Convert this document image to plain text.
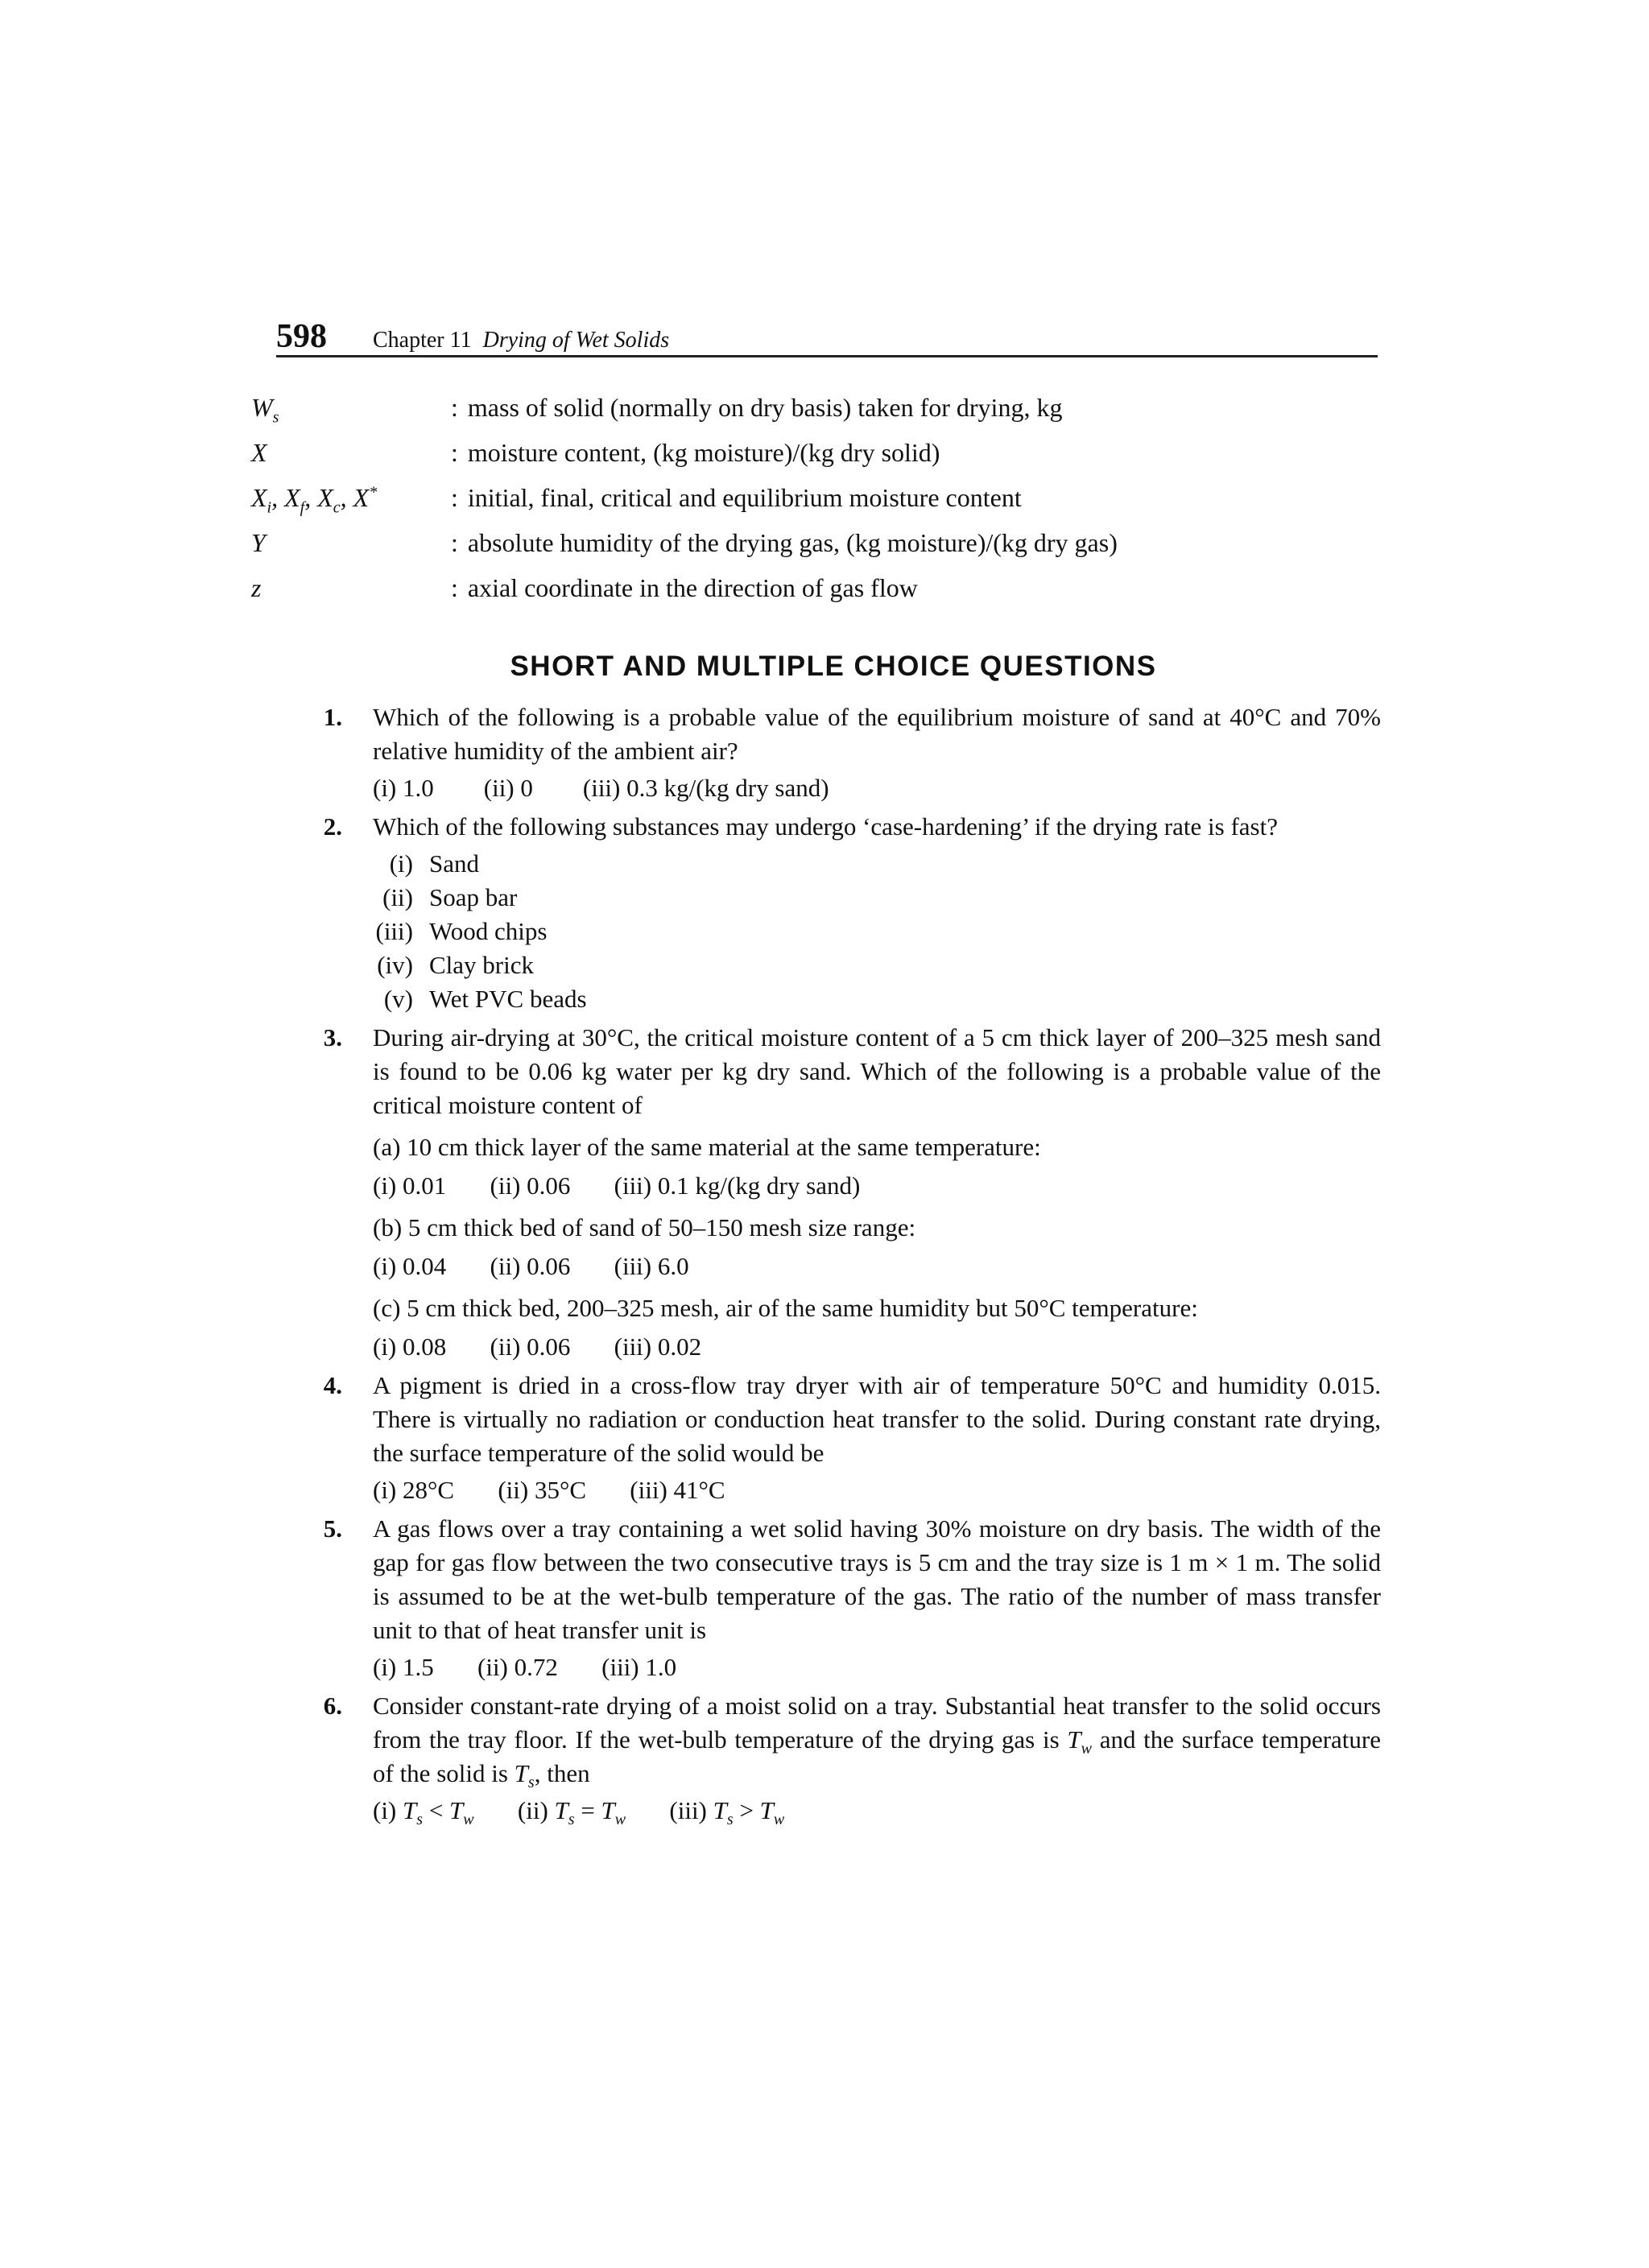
598 Chapter 11 Drying of Wet Solids
$W_s$	: mass of solid (normally on dry basis) taken for drying, kg
X	: moisture content, (kg moisture)/(kg dry solid)
$X_i$, $X_f$, $X_c$, X*	: initial, final, critical and equilibrium moisture content
Y	: absolute humidity of the drying gas, (kg moisture)/(kg dry gas)
z	: axial coordinate in the direction of gas flow
SHORT AND MULTIPLE CHOICE QUESTIONS
1. Which of the following is a probable value of the equilibrium moisture of sand at 40°C and 70% relative humidity of the ambient air?
(i) 1.0        (ii) 0        (iii) 0.3 kg/(kg dry sand)
2. Which of the following substances may undergo ‘case-hardening’ if the drying rate is fast?
(i) Sand
(ii) Soap bar
(iii) Wood chips
(iv) Clay brick
(v) Wet PVC beads
3. During air-drying at 30°C, the critical moisture content of a 5 cm thick layer of 200–325 mesh sand is found to be 0.06 kg water per kg dry sand. Which of the following is a probable value of the critical moisture content of
(a) 10 cm thick layer of the same material at the same temperature:
(i) 0.01       (ii) 0.06       (iii) 0.1 kg/(kg dry sand)
(b) 5 cm thick bed of sand of 50–150 mesh size range:
(i) 0.04       (ii) 0.06       (iii) 6.0
(c) 5 cm thick bed, 200–325 mesh, air of the same humidity but 50°C temperature:
(i) 0.08       (ii) 0.06       (iii) 0.02
4. A pigment is dried in a cross-flow tray dryer with air of temperature 50°C and humidity 0.015. There is virtually no radiation or conduction heat transfer to the solid. During constant rate drying, the surface temperature of the solid would be
(i) 28°C       (ii) 35°C       (iii) 41°C
5. A gas flows over a tray containing a wet solid having 30% moisture on dry basis. The width of the gap for gas flow between the two consecutive trays is 5 cm and the tray size is 1 m × 1 m. The solid is assumed to be at the wet-bulb temperature of the gas. The ratio of the number of mass transfer unit to that of heat transfer unit is
(i) 1.5       (ii) 0.72       (iii) 1.0
6. Consider constant-rate drying of a moist solid on a tray. Substantial heat transfer to the solid occurs from the tray floor. If the wet-bulb temperature of the drying gas is $T_w$ and the surface temperature of the solid is $T_s$, then
(i) $T_s < T_w$       (ii) $T_s = T_w$       (iii) $T_s > T_w$
